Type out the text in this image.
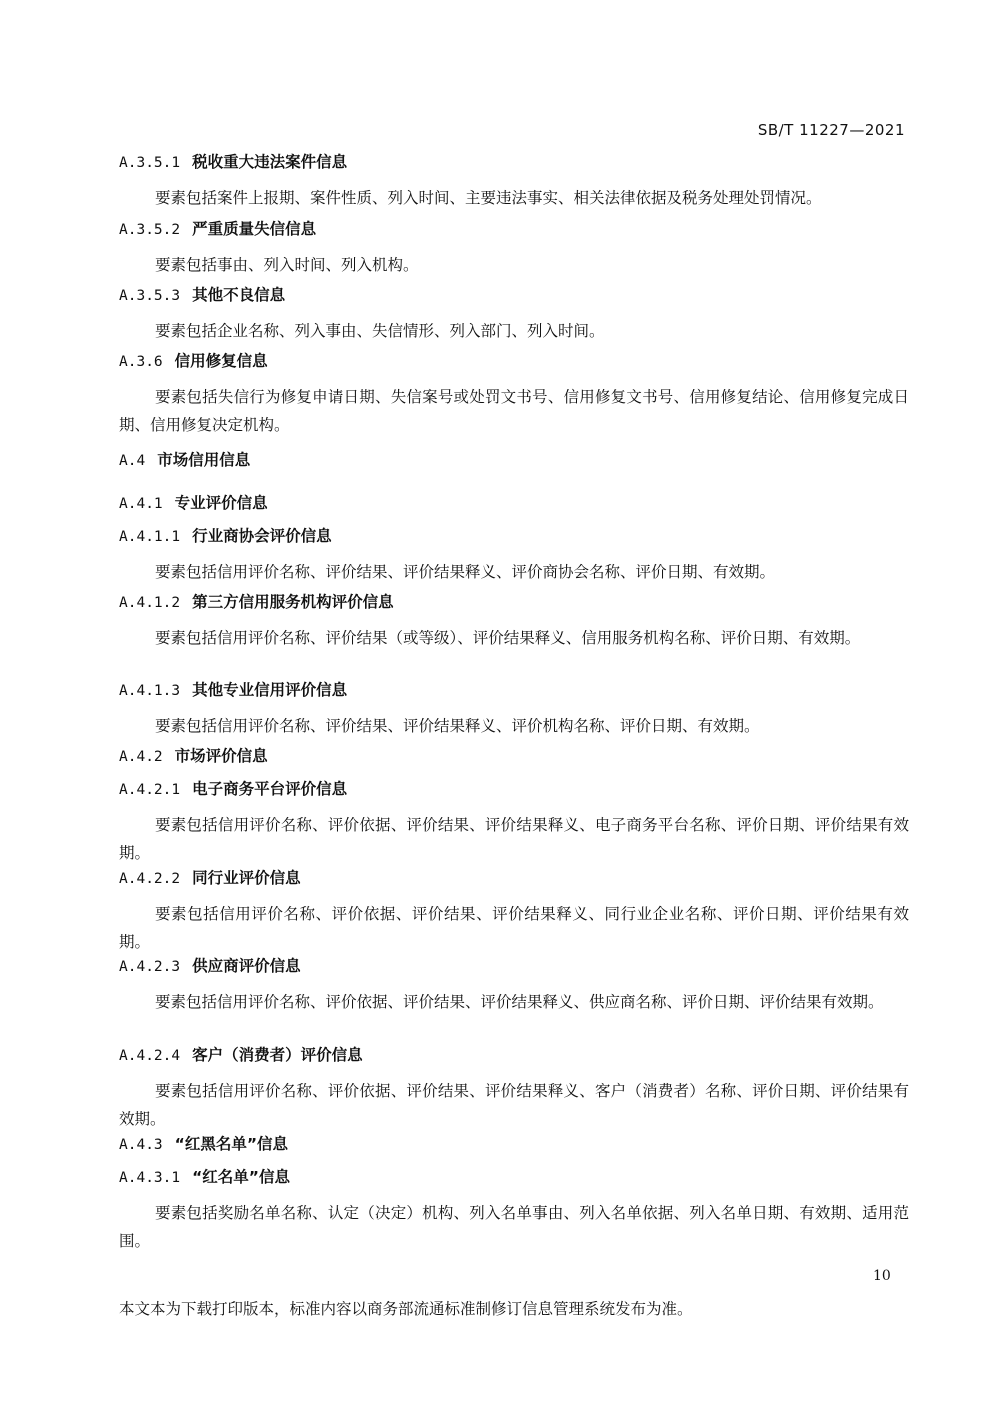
SB/T 11227—2021
A.3.5.1 税收重大违法案件信息
要素包括案件上报期、案件性质、列入时间、主要违法事实、相关法律依据及税务处理处罚情况。
A.3.5.2 严重质量失信信息
要素包括事由、列入时间、列入机构。
A.3.5.3 其他不良信息
要素包括企业名称、列入事由、失信情形、列入部门、列入时间。
A.3.6 信用修复信息
要素包括失信行为修复申请日期、失信案号或处罚文书号、信用修复文书号、信用修复结论、信用修复完成日期、信用修复决定机构。
A.4 市场信用信息
A.4.1 专业评价信息
A.4.1.1 行业商协会评价信息
要素包括信用评价名称、评价结果、评价结果释义、评价商协会名称、评价日期、有效期。
A.4.1.2 第三方信用服务机构评价信息
要素包括信用评价名称、评价结果（或等级）、评价结果释义、信用服务机构名称、评价日期、有效期。
A.4.1.3 其他专业信用评价信息
要素包括信用评价名称、评价结果、评价结果释义、评价机构名称、评价日期、有效期。
A.4.2 市场评价信息
A.4.2.1 电子商务平台评价信息
要素包括信用评价名称、评价依据、评价结果、评价结果释义、电子商务平台名称、评价日期、评价结果有效期。
A.4.2.2 同行业评价信息
要素包括信用评价名称、评价依据、评价结果、评价结果释义、同行业企业名称、评价日期、评价结果有效期。
A.4.2.3 供应商评价信息
要素包括信用评价名称、评价依据、评价结果、评价结果释义、供应商名称、评价日期、评价结果有效期。
A.4.2.4 客户（消费者）评价信息
要素包括信用评价名称、评价依据、评价结果、评价结果释义、客户（消费者）名称、评价日期、评价结果有效期。
A.4.3 “红黑名单”信息
A.4.3.1 “红名单”信息
要素包括奖励名单名称、认定（决定）机构、列入名单事由、列入名单依据、列入名单日期、有效期、适用范围。
10
本文本为下载打印版本，标准内容以商务部流通标准制修订信息管理系统发布为准。
